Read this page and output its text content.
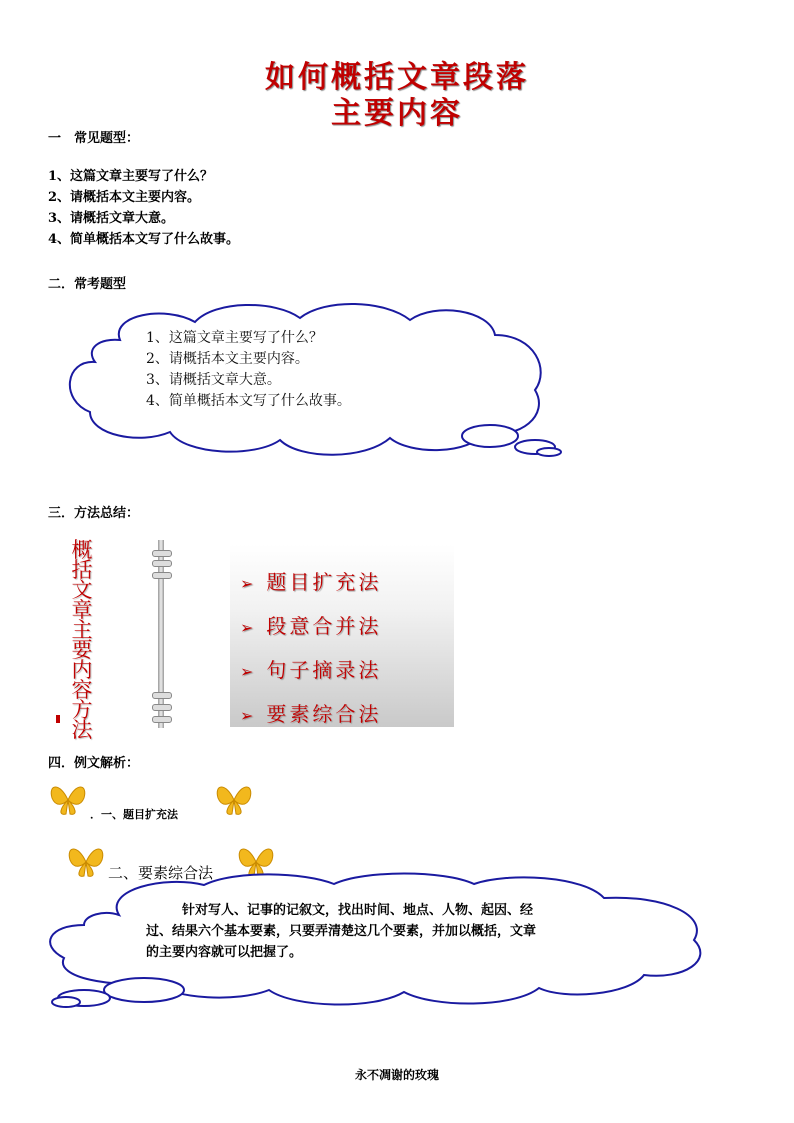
如何概括文章段落
主要内容
一　常见题型：
1、这篇文章主要写了什么？
2、请概括本文主要内容。
3、请概括文章大意。
4、简单概括本文写了什么故事。
二．常考题型
1、这篇文章主要写了什么？
2、请概括本文主要内容。
3、请概括文章大意。
4、简单概括本文写了什么故事。
三．方法总结：
概
括
文
章
主
要
内
容
方
法
➢ 题目扩充法
➢ 段意合并法
➢ 句子摘录法
➢ 要素综合法
四．例文解析：
．一、题目扩充法
二、要素综合法
针对写人、记事的记叙文，找出时间、地点、人物、起因、经
过、结果六个基本要素，只要弄清楚这几个要素，并加以概括，文章
的主要内容就可以把握了。
永不凋谢的玫瑰
